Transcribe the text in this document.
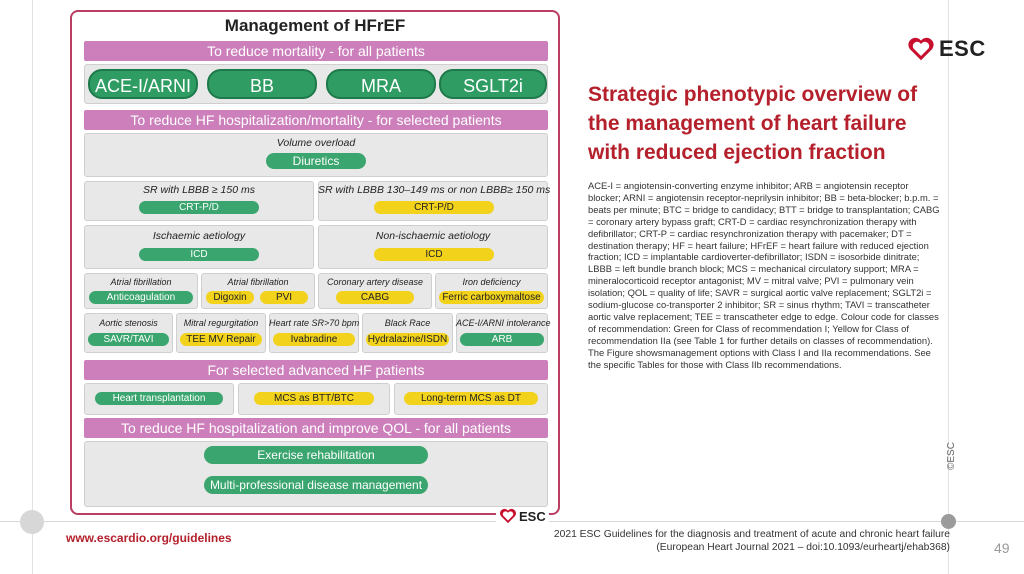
Management of HFrEF
To reduce mortality - for all patients
ACE-I/ARNI	BB	MRA	SGLT2i
To reduce HF hospitalization/mortality - for selected patients
Volume overload
Diuretics
SR with LBBB ≥ 150 ms
CRT-P/D
SR with LBBB 130–149 ms or non LBBB≥ 150 ms
CRT-P/D
Ischaemic aetiology
ICD
Non-ischaemic aetiology
ICD
Atrial fibrillation
Anticoagulation
Atrial fibrillation
Digoxin	PVI
Coronary artery disease
CABG
Iron deficiency
Ferric carboxymaltose
Aortic stenosis
SAVR/TAVI
Mitral regurgitation
TEE MV Repair
Heart rate SR>70 bpm
Ivabradine
Black Race
Hydralazine/ISDN
ACE-I/ARNI intolerance
ARB
For selected advanced HF patients
Heart transplantation	MCS as BTT/BTC	Long-term MCS as DT
To reduce HF hospitalization and improve QOL - for all patients
Exercise rehabilitation
Multi-professional disease management
ESC
ESC
Strategic phenotypic overview of the management of heart failure with reduced ejection fraction

ACE-I = angiotensin-converting enzyme inhibitor; ARB = angiotensin receptor blocker; ARNI = angiotensin receptor-neprilysin inhibitor; BB = beta-blocker; b.p.m. = beats per minute; BTC = bridge to candidacy; BTT = bridge to transplantation; CABG = coronary artery bypass graft; CRT-D = cardiac resynchronization therapy with defibrillator; CRT-P = cardiac resynchronization therapy with pacemaker; DT = destination therapy; HF = heart failure; HFrEF = heart failure with reduced ejection fraction; ICD = implantable cardioverter-defibrillator; ISDN = isosorbide dinitrate; LBBB = left bundle branch block; MCS = mechanical circulatory support; MRA = mineralocorticoid receptor antagonist; MV = mitral valve; PVI = pulmonary vein isolation; QOL = quality of life; SAVR = surgical aortic valve replacement; SGLT2i = sodium-glucose co-transporter 2 inhibitor; SR = sinus rhythm; TAVI = transcatheter aortic valve replacement; TEE = transcatheter edge to edge. Colour code for classes of recommendation: Green for Class of recommendation I; Yellow for Class of recommendation IIa (see Table 1 for further details on classes of recommendation).

The Figure showsmanagement options with Class I and IIa recommendations. See the specific Tables for those with Class IIb recommendations.

©ESC
www.escardio.org/guidelines	2021 ESC Guidelines for the diagnosis and treatment of acute and chronic heart failure
(European Heart Journal 2021 – doi:10.1093/eurheartj/ehab368)	49
